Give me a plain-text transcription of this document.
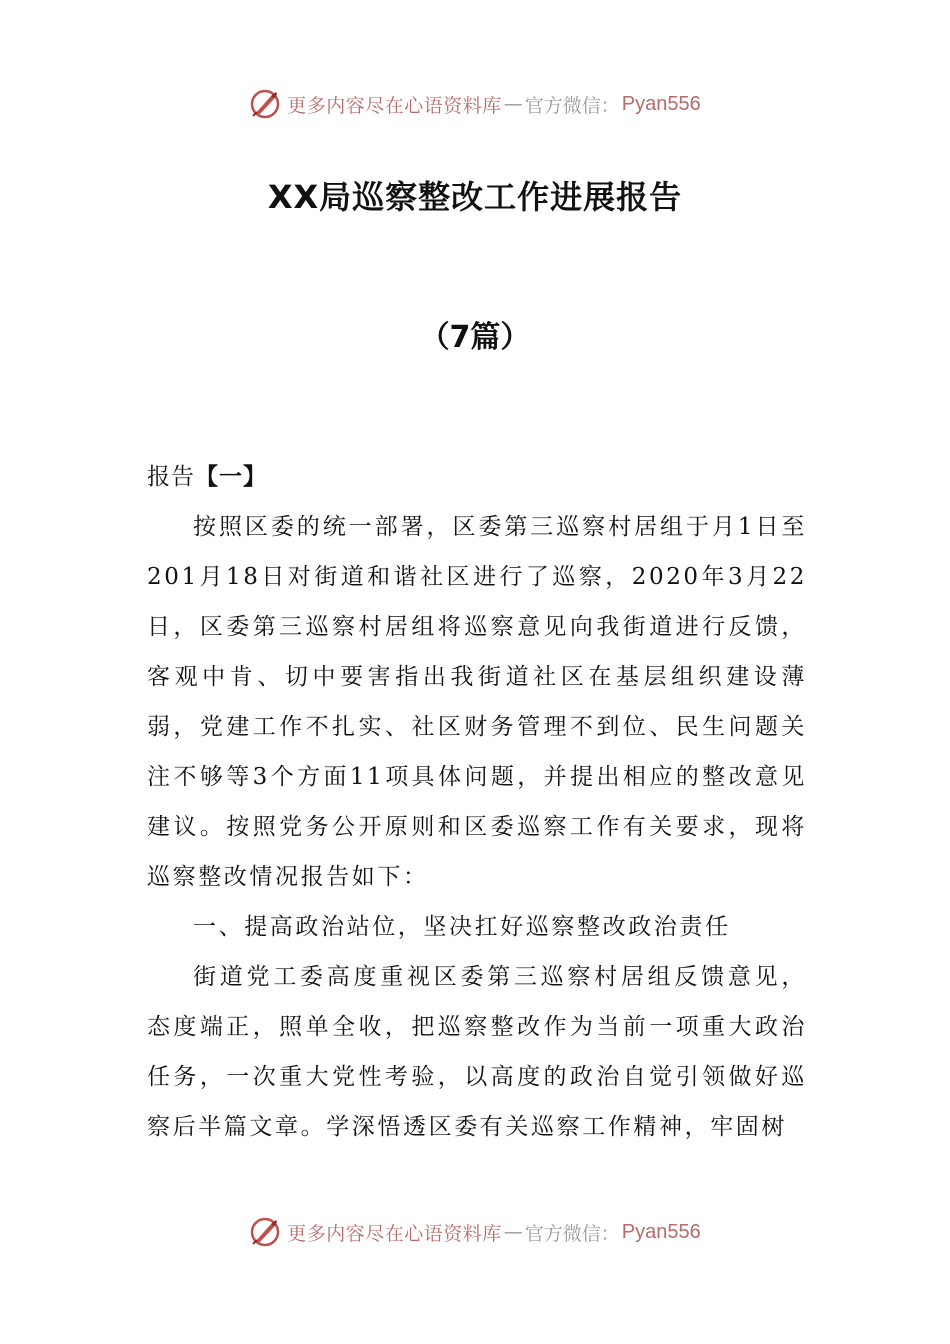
更多内容尽在心语资料库 — 官方微信： Pyan556
XX局巡察整改工作进展报告
（7篇）

报告【一】

按照区委的统一部署，区委第三巡察村居组于月1日至201月18日对街道和谐社区进行了巡察，2020年3月22日，区委第三巡察村居组将巡察意见向我街道进行反馈，客观中肯、切中要害指出我街道社区在基层组织建设薄弱，党建工作不扎实、社区财务管理不到位、民生问题关注不够等3个方面11项具体问题，并提出相应的整改意见建议。按照党务公开原则和区委巡察工作有关要求，现将巡察整改情况报告如下：

一、提高政治站位，坚决扛好巡察整改政治责任

街道党工委高度重视区委第三巡察村居组反馈意见，态度端正，照单全收，把巡察整改作为当前一项重大政治任务，一次重大党性考验，以高度的政治自觉引领做好巡察后半篇文章。学深悟透区委有关巡察工作精神，牢固树

更多内容尽在心语资料库 — 官方微信： Pyan556
